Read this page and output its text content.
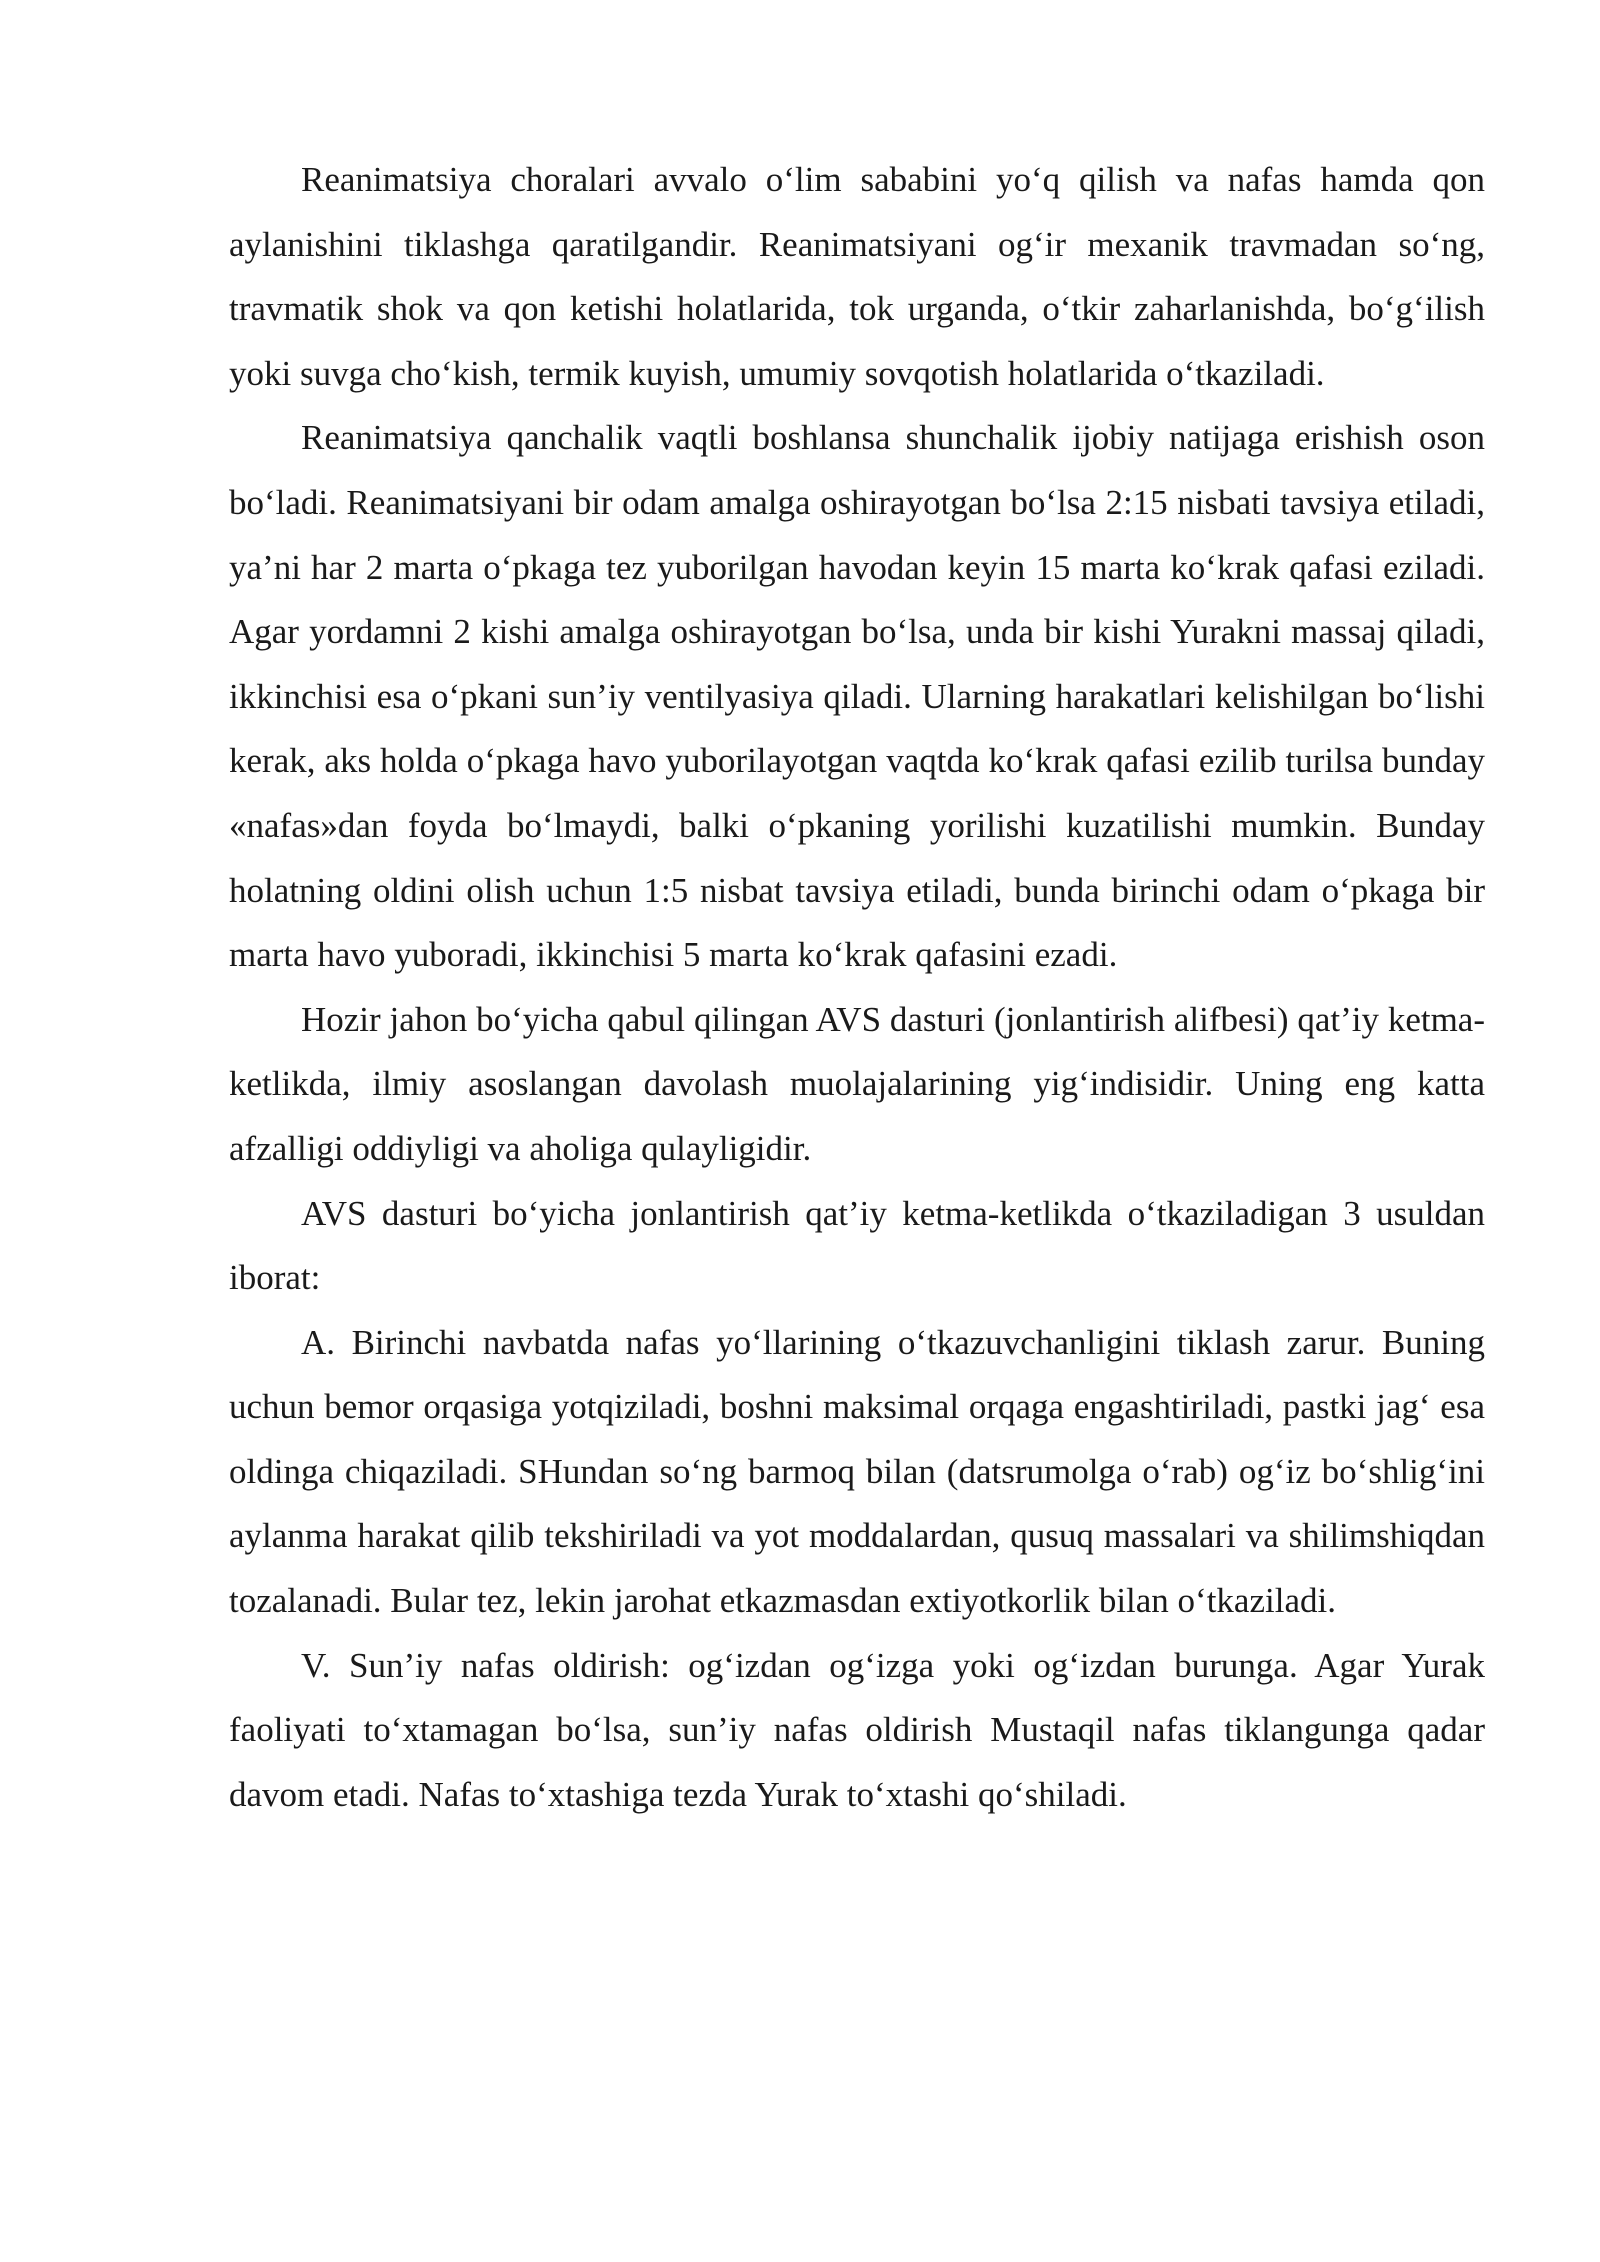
Reanimatsiya choralari avvalo o‘lim sababini yo‘q qilish va nafas hamda qon aylanishini tiklashga qaratilgandir. Reanimatsiyani og‘ir mexanik travmadan so‘ng, travmatik shok va qon ketishi holatlarida, tok urganda, o‘tkir zaharlanishda, bo‘g‘ilish yoki suvga cho‘kish, termik kuyish, umumiy sovqotish holatlarida o‘tkaziladi.

Reanimatsiya qanchalik vaqtli boshlansa shunchalik ijobiy natijaga erishish oson bo‘ladi. Reanimatsiyani bir odam amalga oshirayotgan bo‘lsa 2:15 nisbati tavsiya etiladi, ya’ni har 2 marta o‘pkaga tez yuborilgan havodan keyin 15 marta ko‘krak qafasi eziladi. Agar yordamni 2 kishi amalga oshirayotgan bo‘lsa, unda bir kishi Yurakni massaj qiladi, ikkinchisi esa o‘pkani sun’iy ventilyasiya qiladi. Ularning harakatlari kelishilgan bo‘lishi kerak, aks holda o‘pkaga havo yuborilayotgan vaqtda ko‘krak qafasi ezilib turilsa bunday «nafas»dan foyda bo‘lmaydi, balki o‘pkaning yorilishi kuzatilishi mumkin. Bunday holatning oldini olish uchun 1:5 nisbat tavsiya etiladi, bunda birinchi odam o‘pkaga bir marta havo yuboradi, ikkinchisi 5 marta ko‘krak qafasini ezadi.

Hozir jahon bo‘yicha qabul qilingan AVS dasturi (jonlantirish alifbesi) qat’iy ketma-ketlikda, ilmiy asoslangan davolash muolajalarining yig‘indisidir. Uning eng katta afzalligi oddiyligi va aholiga qulayligidir.

AVS dasturi bo‘yicha jonlantirish qat’iy ketma-ketlikda o‘tkaziladigan 3 usuldan iborat:

A. Birinchi navbatda nafas yo‘llarining o‘tkazuvchanligini tiklash zarur. Buning uchun bemor orqasiga yotqiziladi, boshni maksimal orqaga engashtiriladi, pastki jag‘ esa oldinga chiqaziladi. SHundan so‘ng barmoq bilan (datsrumolga o‘rab) og‘iz bo‘shlig‘ini aylanma harakat qilib tekshiriladi va yot moddalardan, qusuq massalari va shilimshiqdan tozalanadi. Bular tez, lekin jarohat etkazmasdan extiyotkorlik bilan o‘tkaziladi.

V. Sun’iy nafas oldirish: og‘izdan og‘izga yoki og‘izdan burunga. Agar Yurak faoliyati to‘xtamagan bo‘lsa, sun’iy nafas oldirish Mustaqil nafas tiklangunga qadar davom etadi. Nafas to‘xtashiga tezda Yurak to‘xtashi qo‘shiladi.
